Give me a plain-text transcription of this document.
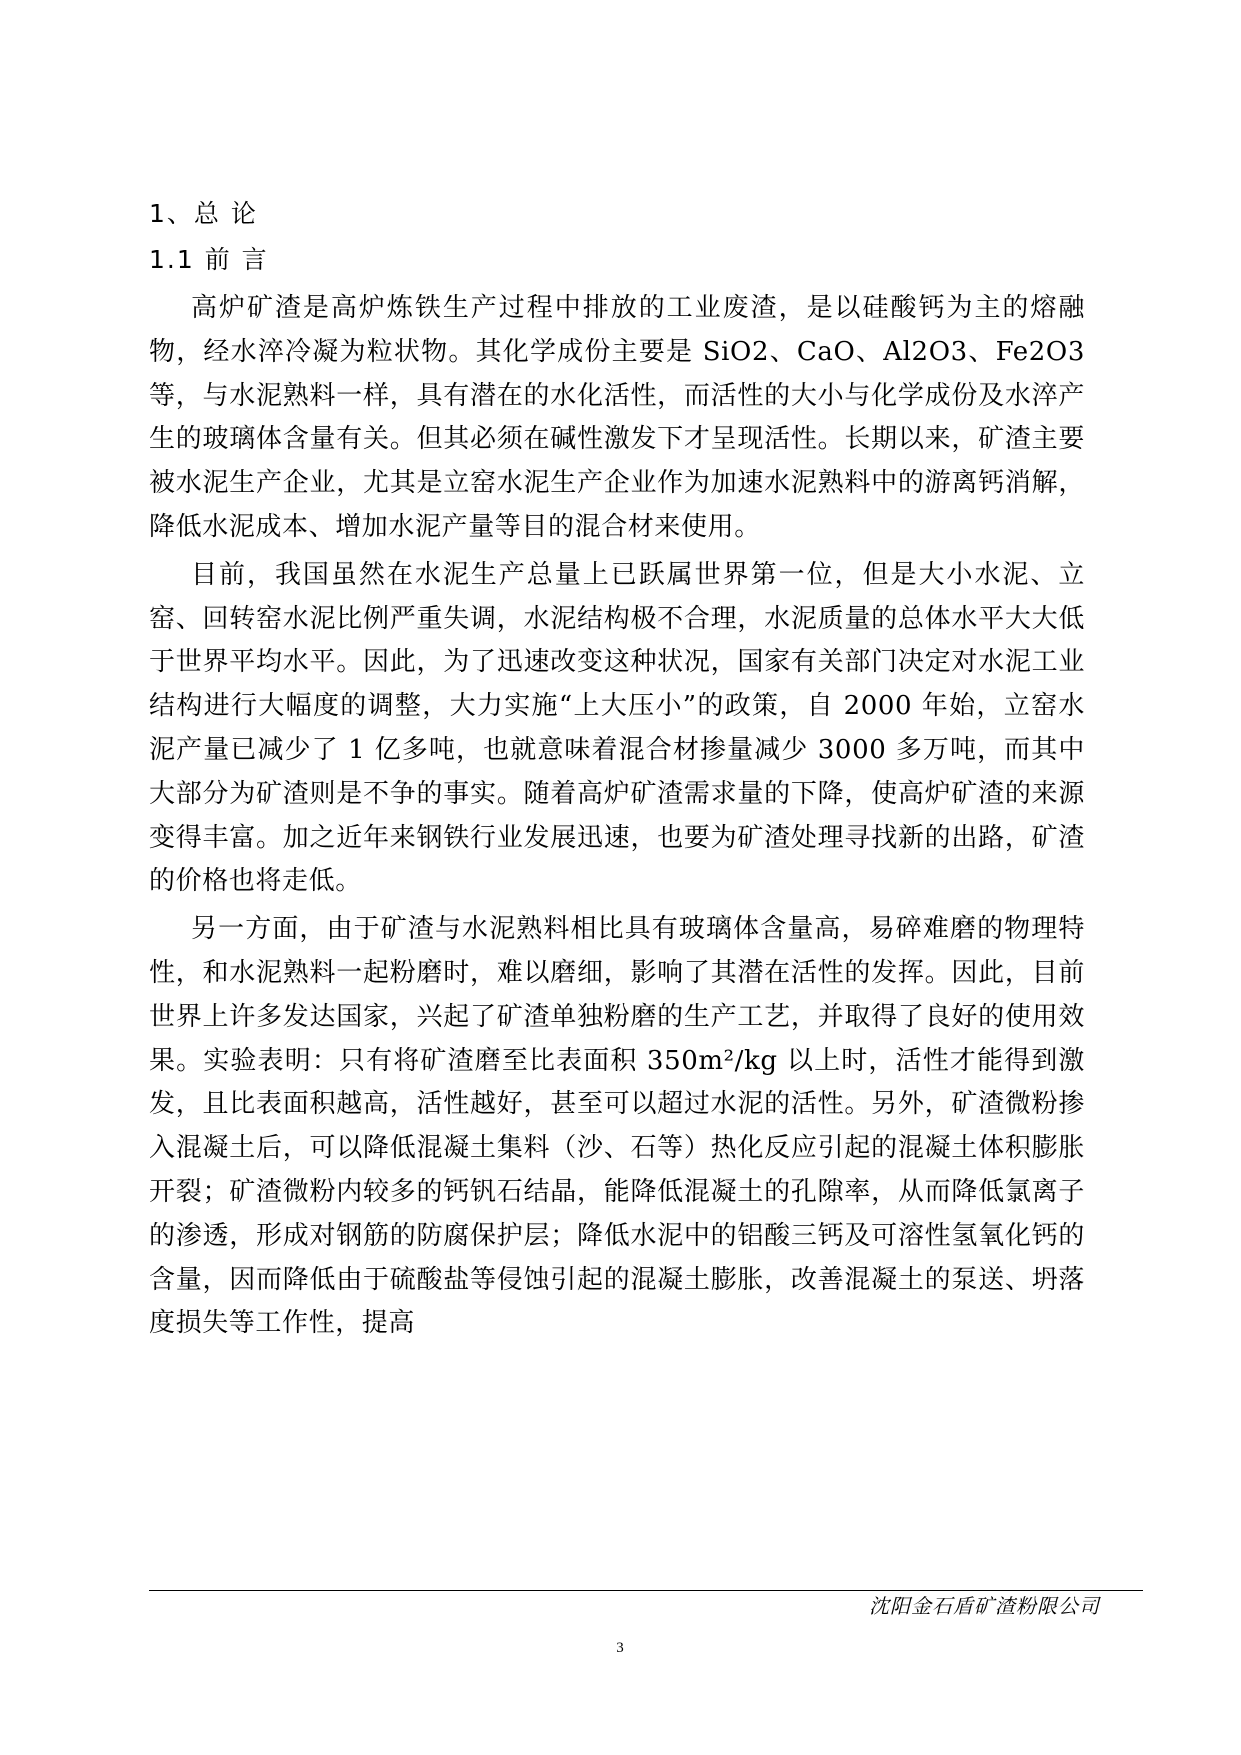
1、总 论
1.1 前 言

高炉矿渣是高炉炼铁生产过程中排放的工业废渣，是以硅酸钙为主的熔融物，经水淬冷凝为粒状物。其化学成份主要是 SiO2、CaO、Al2O3、Fe2O3 等，与水泥熟料一样，具有潜在的水化活性，而活性的大小与化学成份及水淬产生的玻璃体含量有关。但其必须在碱性激发下才呈现活性。长期以来，矿渣主要被水泥生产企业，尤其是立窑水泥生产企业作为加速水泥熟料中的游离钙消解，降低水泥成本、增加水泥产量等目的混合材来使用。

目前，我国虽然在水泥生产总量上已跃属世界第一位，但是大小水泥、立窑、回转窑水泥比例严重失调，水泥结构极不合理，水泥质量的总体水平大大低于世界平均水平。因此，为了迅速改变这种状况，国家有关部门决定对水泥工业结构进行大幅度的调整，大力实施“上大压小”的政策，自 2000 年始，立窑水泥产量已减少了 1 亿多吨，也就意味着混合材掺量减少 3000 多万吨，而其中大部分为矿渣则是不争的事实。随着高炉矿渣需求量的下降，使高炉矿渣的来源变得丰富。加之近年来钢铁行业发展迅速，也要为矿渣处理寻找新的出路，矿渣的价格也将走低。

另一方面，由于矿渣与水泥熟料相比具有玻璃体含量高，易碎难磨的物理特性，和水泥熟料一起粉磨时，难以磨细，影响了其潜在活性的发挥。因此，目前世界上许多发达国家，兴起了矿渣单独粉磨的生产工艺，并取得了良好的使用效果。实验表明：只有将矿渣磨至比表面积 350m²/kg 以上时，活性才能得到激发，且比表面积越高，活性越好，甚至可以超过水泥的活性。另外，矿渣微粉掺入混凝土后，可以降低混凝土集料（沙、石等）热化反应引起的混凝土体积膨胀开裂；矿渣微粉内较多的钙钒石结晶，能降低混凝土的孔隙率，从而降低氯离子的渗透，形成对钢筋的防腐保护层；降低水泥中的铝酸三钙及可溶性氢氧化钙的含量，因而降低由于硫酸盐等侵蚀引起的混凝土膨胀，改善混凝土的泵送、坍落度损失等工作性，提高

沈阳金石盾矿渣粉限公司
3
